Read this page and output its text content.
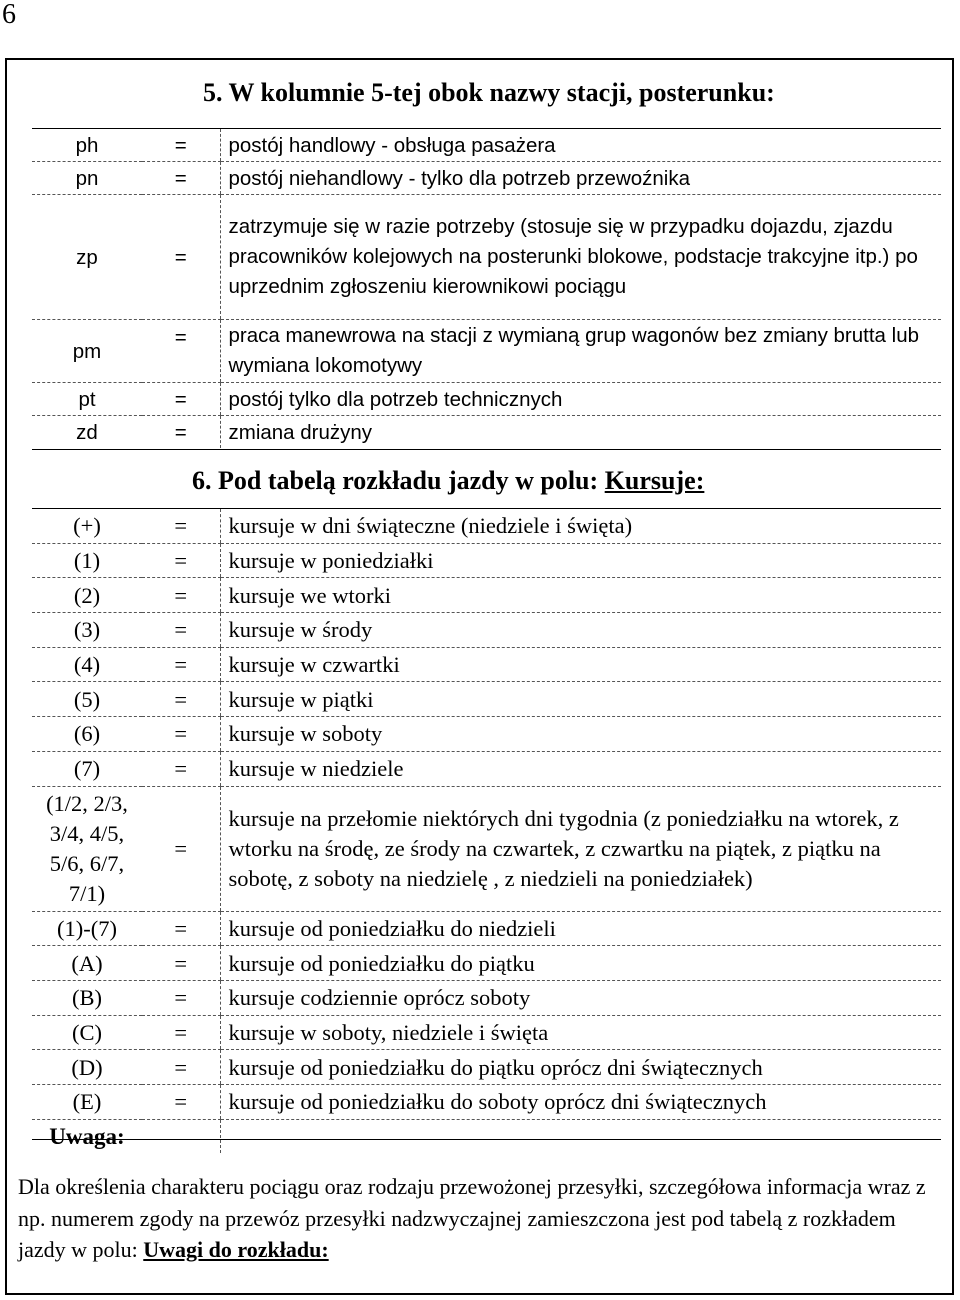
6
5. W kolumnie 5-tej obok nazwy stacji, posterunku:
ph	=	postój handlowy - obsługa pasażera
pn	=	postój niehandlowy - tylko dla potrzeb przewoźnika
zp	=	zatrzymuje się w razie potrzeby (stosuje się w przypadku dojazdu, zjazdu pracowników kolejowych na posterunki blokowe, podstacje trakcyjne itp.) po uprzednim zgłoszeniu kierownikowi pociągu
pm	=	praca manewrowa na stacji z wymianą grup wagonów bez zmiany brutta lub wymiana lokomotywy
pt	=	postój tylko dla potrzeb technicznych
zd	=	zmiana drużyny
6. Pod tabelą rozkładu jazdy w polu: Kursuje:
(+)	=	kursuje w dni świąteczne (niedziele i święta)
(1)	=	kursuje w poniedziałki
(2)	=	kursuje we wtorki
(3)	=	kursuje w środy
(4)	=	kursuje w czwartki
(5)	=	kursuje w piątki
(6)	=	kursuje w soboty
(7)	=	kursuje w niedziele
(1/2, 2/3, 3/4, 4/5, 5/6, 6/7, 7/1)	=	kursuje na przełomie niektórych dni tygodnia (z poniedziałku na wtorek, z wtorku na środę, ze środy na czwartek, z czwartku na piątek, z piątku na sobotę, z soboty na niedzielę , z niedzieli na poniedziałek)
(1)-(7)	=	kursuje od poniedziałku do niedzieli
(A)	=	kursuje od poniedziałku do piątku
(B)	=	kursuje codziennie oprócz soboty
(C)	=	kursuje w soboty, niedziele i święta
(D)	=	kursuje od poniedziałku do piątku oprócz dni świątecznych
(E)	=	kursuje od poniedziałku do soboty oprócz dni świątecznych
Uwaga:		
Dla określenia charakteru pociągu oraz rodzaju przewożonej przesyłki, szczegółowa informacja wraz z np. numerem zgody na przewóz przesyłki nadzwyczajnej zamieszczona jest pod tabelą z rozkładem jazdy w polu: Uwagi do rozkładu:
